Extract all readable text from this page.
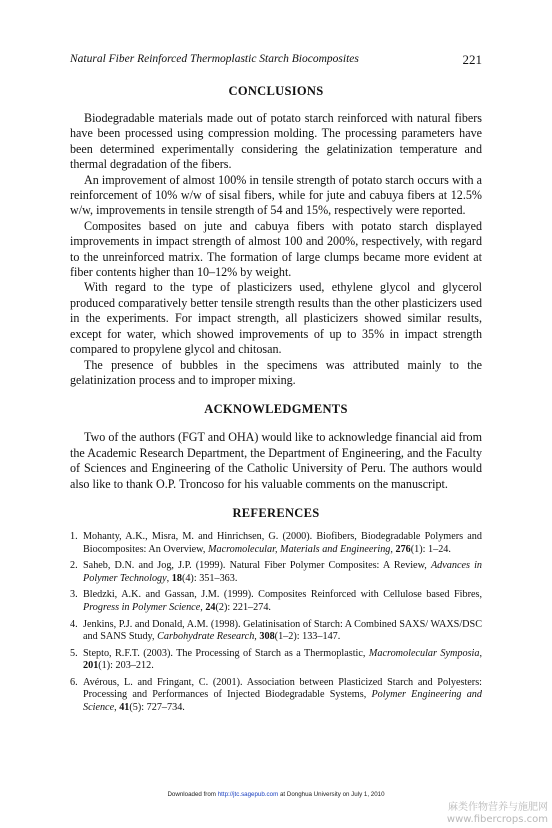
Natural Fiber Reinforced Thermoplastic Starch Biocomposites	221
CONCLUSIONS

Biodegradable materials made out of potato starch reinforced with natural fibers have been processed using compression molding. The processing parameters have been determined experimentally considering the gelatinization temperature and thermal degradation of the fibers.

An improvement of almost 100% in tensile strength of potato starch occurs with a reinforcement of 10% w/w of sisal fibers, while for jute and cabuya fibers at 12.5% w/w, improvements in tensile strength of 54 and 15%, respectively were reported.

Composites based on jute and cabuya fibers with potato starch displayed improvements in impact strength of almost 100 and 200%, respectively, with regard to the unreinforced matrix. The formation of large clumps became more evident at fiber contents higher than 10–12% by weight.

With regard to the type of plasticizers used, ethylene glycol and glycerol produced comparatively better tensile strength results than the other plasticizers used in the experiments. For impact strength, all plasticizers showed similar results, except for water, which showed improvements of up to 35% in impact strength compared to propylene glycol and chitosan.

The presence of bubbles in the specimens was attributed mainly to the gelatinization process and to improper mixing.

ACKNOWLEDGMENTS

Two of the authors (FGT and OHA) would like to acknowledge financial aid from the Academic Research Department, the Department of Engineering, and the Faculty of Sciences and Engineering of the Catholic University of Peru. The authors would also like to thank O.P. Troncoso for his valuable comments on the manuscript.

REFERENCES
1. Mohanty, A.K., Misra, M. and Hinrichsen, G. (2000). Biofibers, Biodegradable Polymers and Biocomposites: An Overview, Macromolecular, Materials and Engineering, 276(1): 1–24.
2. Saheb, D.N. and Jog, J.P. (1999). Natural Fiber Polymer Composites: A Review, Advances in Polymer Technology, 18(4): 351–363.
3. Bledzki, A.K. and Gassan, J.M. (1999). Composites Reinforced with Cellulose based Fibres, Progress in Polymer Science, 24(2): 221–274.
4. Jenkins, P.J. and Donald, A.M. (1998). Gelatinisation of Starch: A Combined SAXS/ WAXS/DSC and SANS Study, Carbohydrate Research, 308(1–2): 133–147.
5. Stepto, R.F.T. (2003). The Processing of Starch as a Thermoplastic, Macromolecular Symposia, 201(1): 203–212.
6. Avérous, L. and Fringant, C. (2001). Association between Plasticized Starch and Polyesters: Processing and Performances of Injected Biodegradable Systems, Polymer Engineering and Science, 41(5): 727–734.
Downloaded from http://jtc.sagepub.com at Donghua University on July 1, 2010
麻类作物营养与施肥网
www.fibercrops.com
